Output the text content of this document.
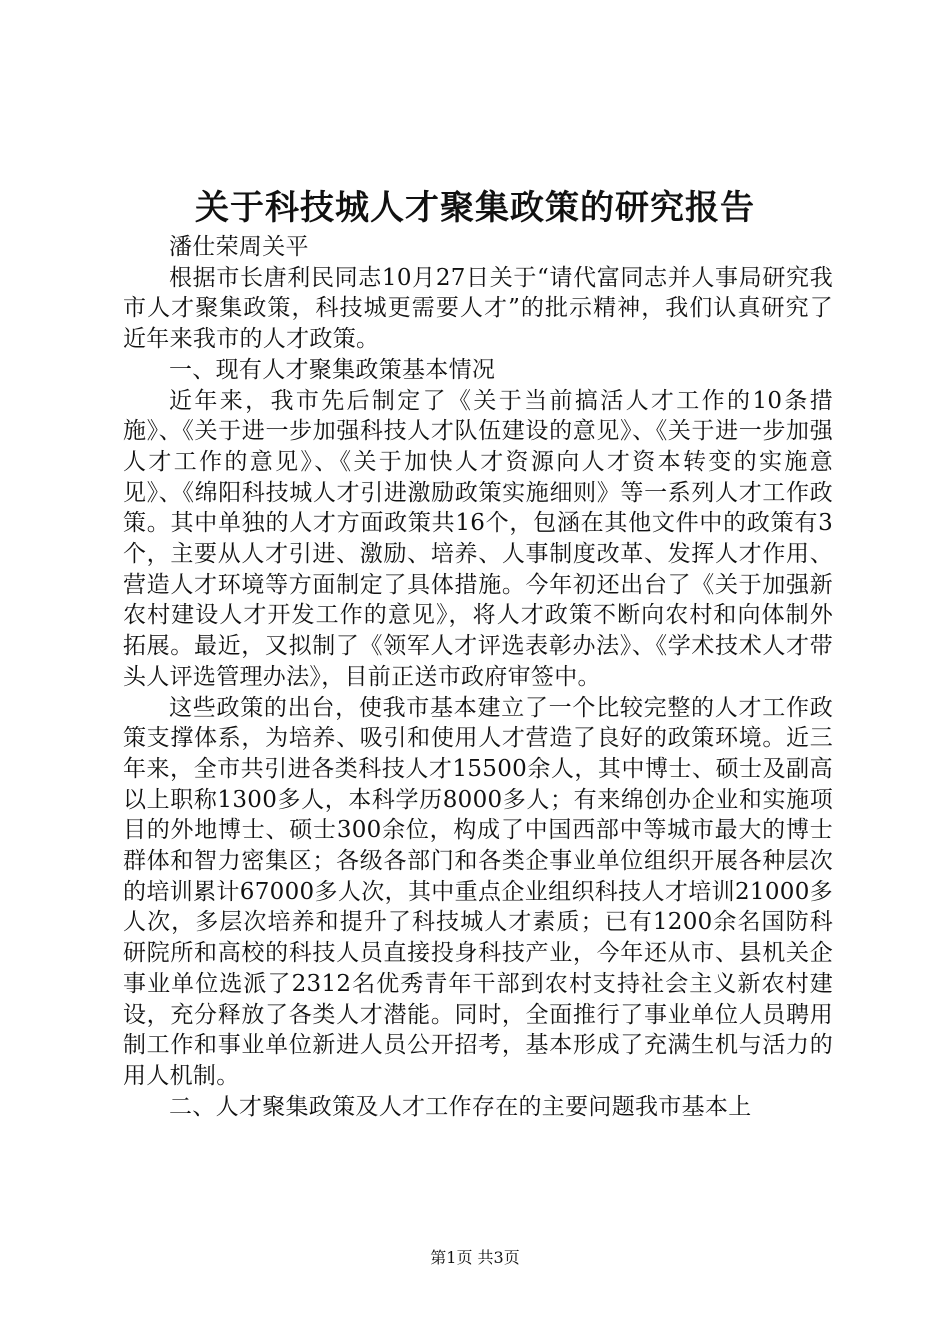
关于科技城人才聚集政策的研究报告

潘仕荣周关平

根据市长唐利民同志10月27日关于“请代富同志并人事局研究我市人才聚集政策，科技城更需要人才”的批示精神，我们认真研究了近年来我市的人才政策。

一、现有人才聚集政策基本情况

近年来，我市先后制定了《关于当前搞活人才工作的10条措施》、《关于进一步加强科技人才队伍建设的意见》、《关于进一步加强人才工作的意见》、《关于加快人才资源向人才资本转变的实施意见》、《绵阳科技城人才引进激励政策实施细则》等一系列人才工作政策。其中单独的人才方面政策共16个，包涵在其他文件中的政策有3个，主要从人才引进、激励、培养、人事制度改革、发挥人才作用、营造人才环境等方面制定了具体措施。今年初还出台了《关于加强新农村建设人才开发工作的意见》，将人才政策不断向农村和向体制外拓展。最近，又拟制了《领军人才评选表彰办法》、《学术技术人才带头人评选管理办法》，目前正送市政府审签中。

这些政策的出台，使我市基本建立了一个比较完整的人才工作政策支撑体系，为培养、吸引和使用人才营造了良好的政策环境。近三年来，全市共引进各类科技人才15500余人，其中博士、硕士及副高以上职称1300多人，本科学历8000多人；有来绵创办企业和实施项目的外地博士、硕士300余位，构成了中国西部中等城市最大的博士群体和智力密集区；各级各部门和各类企事业单位组织开展各种层次的培训累计67000多人次，其中重点企业组织科技人才培训21000多人次，多层次培养和提升了科技城人才素质；已有1200余名国防科研院所和高校的科技人员直接投身科技产业，今年还从市、县机关企事业单位选派了2312名优秀青年干部到农村支持社会主义新农村建设，充分释放了各类人才潜能。同时，全面推行了事业单位人员聘用制工作和事业单位新进人员公开招考，基本形成了充满生机与活力的用人机制。

二、人才聚集政策及人才工作存在的主要问题我市基本上

第1页 共3页
